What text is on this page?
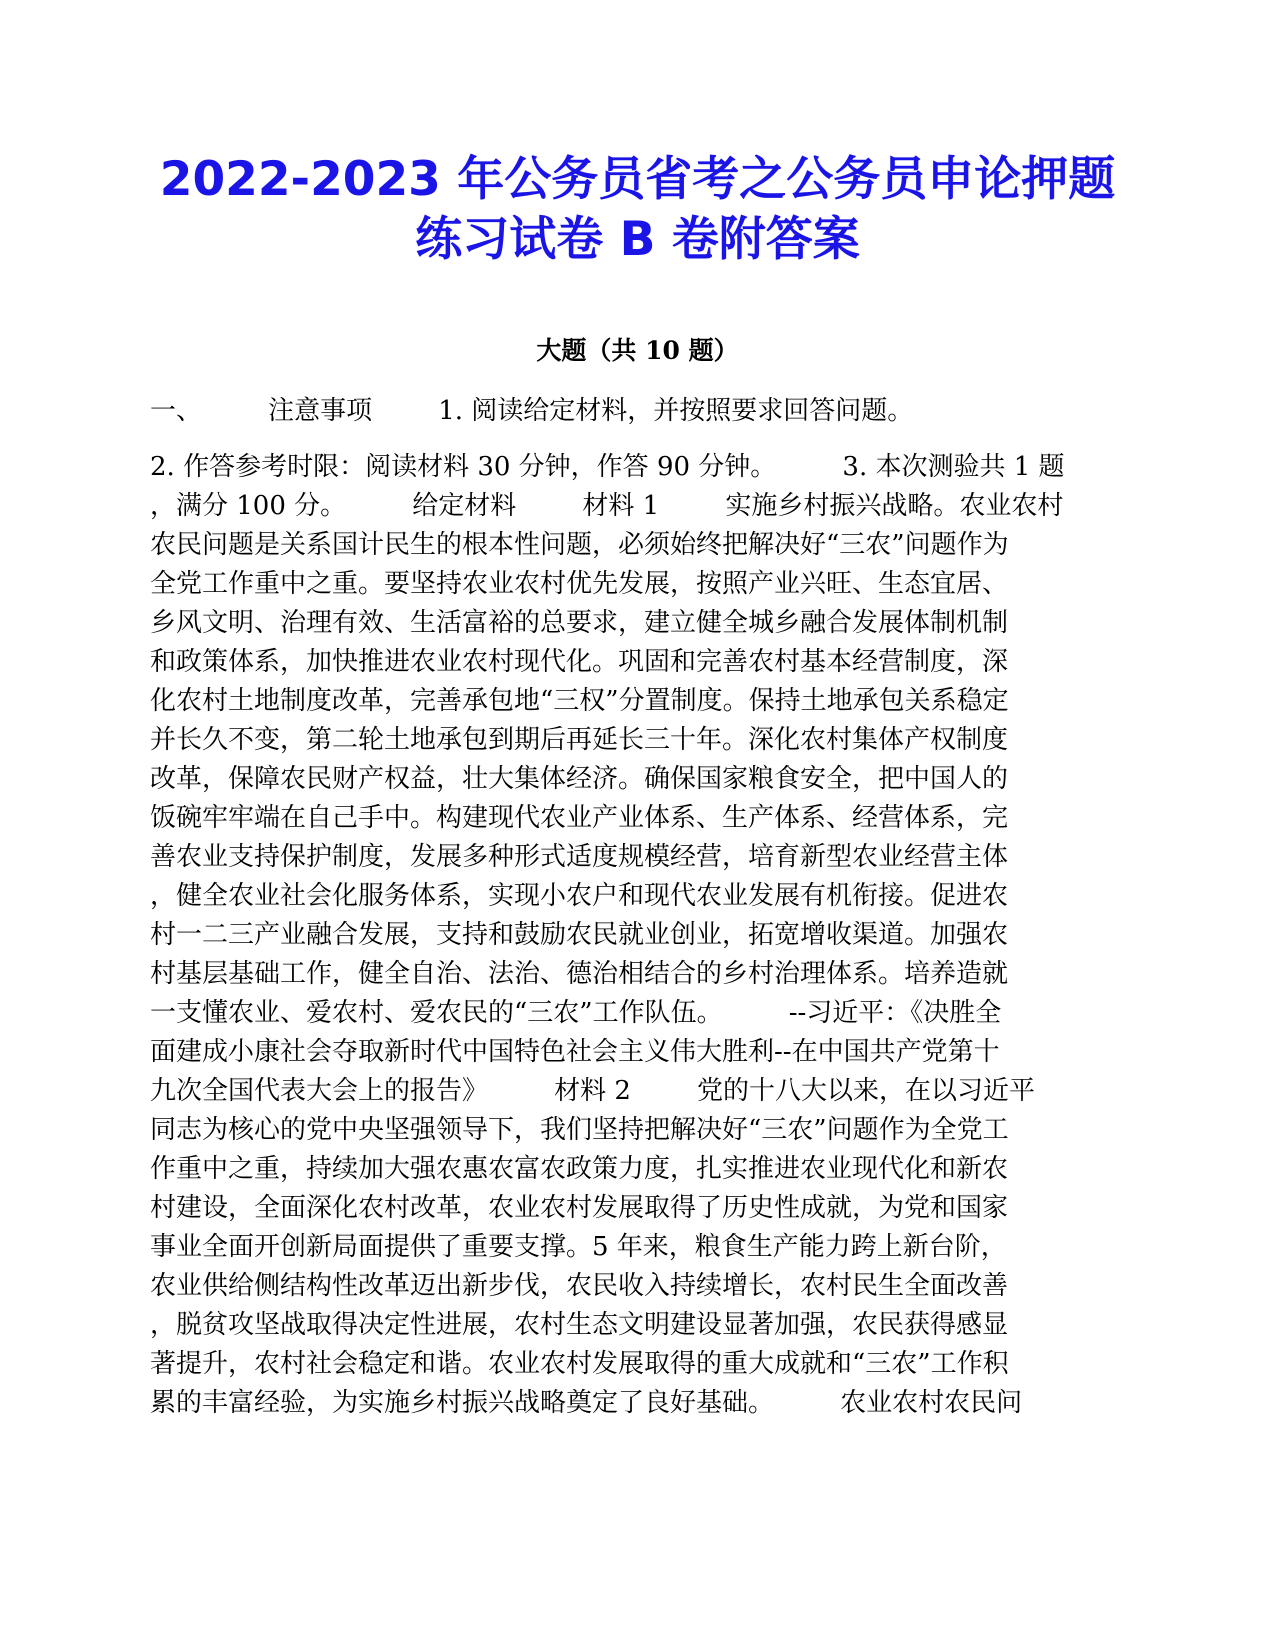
2022-2023 年公务员省考之公务员申论押题
练习试卷 B 卷附答案
大题（共 10 题）

一、        注意事项        1. 阅读给定材料，并按照要求回答问题。

2. 作答参考时限：阅读材料 30 分钟，作答 90 分钟。        3. 本次测验共 1 题
，满分 100 分。        给定材料        材料 1        实施乡村振兴战略。农业农村
农民问题是关系国计民生的根本性问题，必须始终把解决好“三农”问题作为
全党工作重中之重。要坚持农业农村优先发展，按照产业兴旺、生态宜居、
乡风文明、治理有效、生活富裕的总要求，建立健全城乡融合发展体制机制
和政策体系，加快推进农业农村现代化。巩固和完善农村基本经营制度，深
化农村土地制度改革，完善承包地“三权”分置制度。保持土地承包关系稳定
并长久不变，第二轮土地承包到期后再延长三十年。深化农村集体产权制度
改革，保障农民财产权益，壮大集体经济。确保国家粮食安全，把中国人的
饭碗牢牢端在自己手中。构建现代农业产业体系、生产体系、经营体系，完
善农业支持保护制度，发展多种形式适度规模经营，培育新型农业经营主体
，健全农业社会化服务体系，实现小农户和现代农业发展有机衔接。促进农
村一二三产业融合发展，支持和鼓励农民就业创业，拓宽增收渠道。加强农
村基层基础工作，健全自治、法治、德治相结合的乡村治理体系。培养造就
一支懂农业、爱农村、爱农民的“三农”工作队伍。        --习近平：《决胜全
面建成小康社会夺取新时代中国特色社会主义伟大胜利--在中国共产党第十
九次全国代表大会上的报告》        材料 2        党的十八大以来，在以习近平
同志为核心的党中央坚强领导下，我们坚持把解决好“三农”问题作为全党工
作重中之重，持续加大强农惠农富农政策力度，扎实推进农业现代化和新农
村建设，全面深化农村改革，农业农村发展取得了历史性成就，为党和国家
事业全面开创新局面提供了重要支撑。5 年来，粮食生产能力跨上新台阶，
农业供给侧结构性改革迈出新步伐，农民收入持续增长，农村民生全面改善
，脱贫攻坚战取得决定性进展，农村生态文明建设显著加强，农民获得感显
著提升，农村社会稳定和谐。农业农村发展取得的重大成就和“三农”工作积
累的丰富经验，为实施乡村振兴战略奠定了良好基础。        农业农村农民问
